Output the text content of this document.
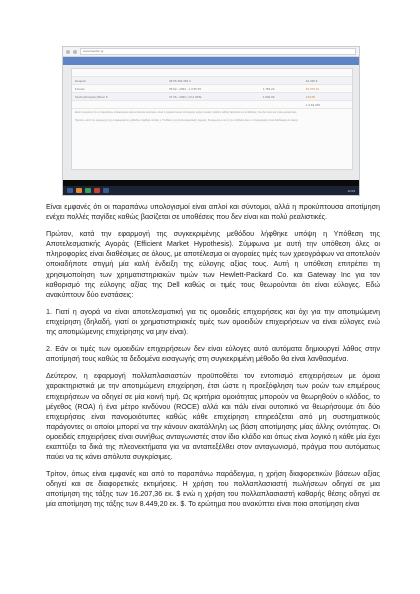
www.bpotbin.gr

Εταιρεία	45.65.352.354.4		42.345.6
Σύνολο	35.52 - 2064 - 1 3 55.25	1.753,22	10.376,31
Κέρδη Εταιρείας Βάσει 5	37.25 - 2062 | 13.2 ΟΠΕ	1.002.06	143.05
			1.4.63.225
Είναι προφανές ότι οι παραπάνω υπολογισμοί είναι απλοί και σύντομοι, αλλά η προκύπτουσα αποτίμηση ενέχει πολλές παγίδες καθώς βασίζεται σε υποθέσεις που δεν είναι και πολύ ρεαλιστικές.
Πρώτον, κατά την εφαρμογή της συγκεκριμένης μεθόδου λήφθηκε υπόψη η Υπόθεση της Αποτελεσματικής Αγοράς. Σύμφωνα με αυτή την υπόθεση όλες οι πληροφορίες είναι διαθέσιμες σε όλους.
12:03

Είναι εμφανές ότι οι παραπάνω υπολογισμοί είναι απλοί και σύντομοι, αλλά η προκύπτουσα αποτίμηση ενέχει πολλές παγίδες καθώς βασίζεται σε υποθέσεις που δεν είναι και πολύ ρεαλιστικές.

Πρώτον, κατά την εφαρμογή της συγκεκριμένης μεθόδου λήφθηκε υπόψη η Υπόθεση της Αποτελεσματικής Αγοράς (Efficient Market Hypothesis). Σύμφωνα με αυτή την υπόθεση όλες οι πληροφορίες είναι διαθέσιμες σε όλους, με αποτέλεσμα οι αγοραίες τιμές των χρεογράφων να αποτελούν οποιαδήποτε στιγμή μία καλή ένδειξη της εύλογης αξίας τους. Αυτή η υπόθεση επιτρέπει τη χρησιμοποίηση των χρηματιστηριακών τιμών των Hewlett-Packard Co. και Gateway Inc για τον καθορισμό της εύλογης αξίας της Dell καθώς οι τιμές τους θεωρούνται ότι είναι εύλογες. Εδώ ανακύπτουν δύο ενστάσεις:

1. Γιατί η αγορά να είναι αποτελεσματική για τις ομοειδείς επιχειρήσεις και όχι για την αποτιμώμενη επιχείρηση (δηλαδή, γιατί οι χρηματιστηριακές τιμές των ομοειδών επιχειρήσεων να είναι εύλογες ενώ της αποτιμώμενης επιχείρησης να μην είναι).

2. Εάν οι τιμές των ομοειδών επιχειρήσεων δεν είναι εύλογες αυτό αυτόματα δημιουργεί λάθος στην αποτίμησή τους καθώς τα δεδομένα εισαγωγής στη συγκεκριμένη μέθοδο θα είναι λανθασμένα.

Δεύτερον, η εφαρμογή πολλαπλασιαστών προϋποθέτει τον εντοπισμό επιχειρήσεων με όμοια χαρακτηριστικά με την αποτιμώμενη επιχείρηση, έτσι ώστε η προεξόφληση των ροών των επιμέρους επιχειρήσεων να οδηγεί σε μία κοινή τιμή. Ως κριτήρια ομοιότητας μπορούν να θεωρηθούν ο κλάδος, το μέγεθος (ROA) ή ένα μέτρο κινδύνου (ROCE) αλλά και πάλι είναι ουτοπικό να θεωρήσουμε ότι δύο επιχειρήσεις είναι πανομοιότυπες καθώς κάθε επιχείρηση επηρεάζεται από μη συστηματικούς παράγοντες οι οποίοι μπορεί να την κάνουν ακατάλληλη ως βάση αποτίμησης μίας άλλης οντότητας. Οι ομοειδείς επιχειρήσεις είναι συνήθως ανταγωνιστές στον ίδιο κλάδο και όπως είναι λογικό η κάθε μία έχει εκαπτύξει τα δικά της πλεονεκτήματα για να ανταπεξέλθει στον ανταγωνισμό, πράγμα που αυτόματως παύει να τις κάνει απόλυτα συγκρίσιμες.

Τρίτον, όπως είναι εμφανές και από το παραπάνω παράδειγμα, η χρήση διαφορετικών βάσεων αξίας οδηγεί και σε διαφορετικές εκτιμήσεις. Η χρήση του πολλαπλασιαστή πωλήσεων οδηγεί σε μια αποτίμηση της τάξης των 16.207,36 εκ. $ ενώ η χρήση του πολλαπλασιαστή καθαρής θέσης οδηγεί σε μία αποτίμηση της τάξης των 8.449,20 εκ. $. Το ερώτημα που ανακύπτει είναι ποια αποτίμηση είναι
